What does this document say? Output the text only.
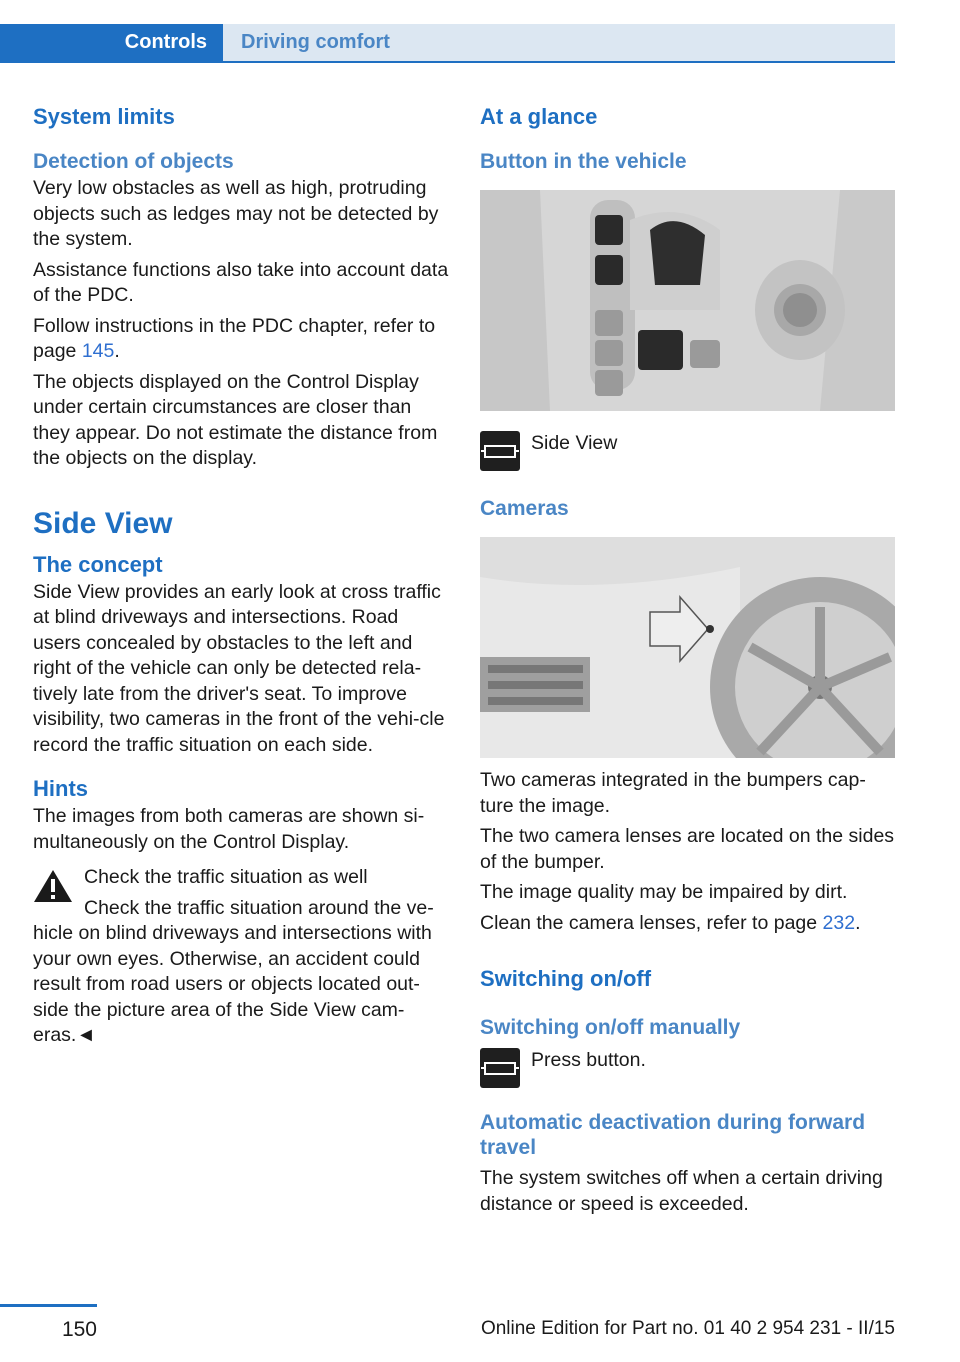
Controls	Driving comfort
System limits
Detection of objects

Very low obstacles as well as high, protruding objects such as ledges may not be detected by the system.

Assistance functions also take into account data of the PDC.

Follow instructions in the PDC chapter, refer to page 145.

The objects displayed on the Control Display under certain circumstances are closer than they appear. Do not estimate the distance from the objects on the display.

Side View
The concept

Side View provides an early look at cross traffic at blind driveways and intersections. Road users concealed by obstacles to the left and right of the vehicle can only be detected rela-tively late from the driver's seat. To improve visibility, two cameras in the front of the vehi-cle record the traffic situation on each side.

Hints

The images from both cameras are shown si-multaneously on the Control Display.

Check the traffic situation as well

Check the traffic situation around the ve-hicle on blind driveways and intersections with your own eyes. Otherwise, an accident could result from road users or objects located out-side the picture area of the Side View cam-eras.◄

At a glance
Button in the vehicle

Side View

Cameras

Two cameras integrated in the bumpers cap-ture the image.

The two camera lenses are located on the sides of the bumper.

The image quality may be impaired by dirt.

Clean the camera lenses, refer to page 232.

Switching on/off
Switching on/off manually

Press button.

Automatic deactivation during forward travel

The system switches off when a certain driving distance or speed is exceeded.

150	Online Edition for Part no. 01 40 2 954 231 - II/15
